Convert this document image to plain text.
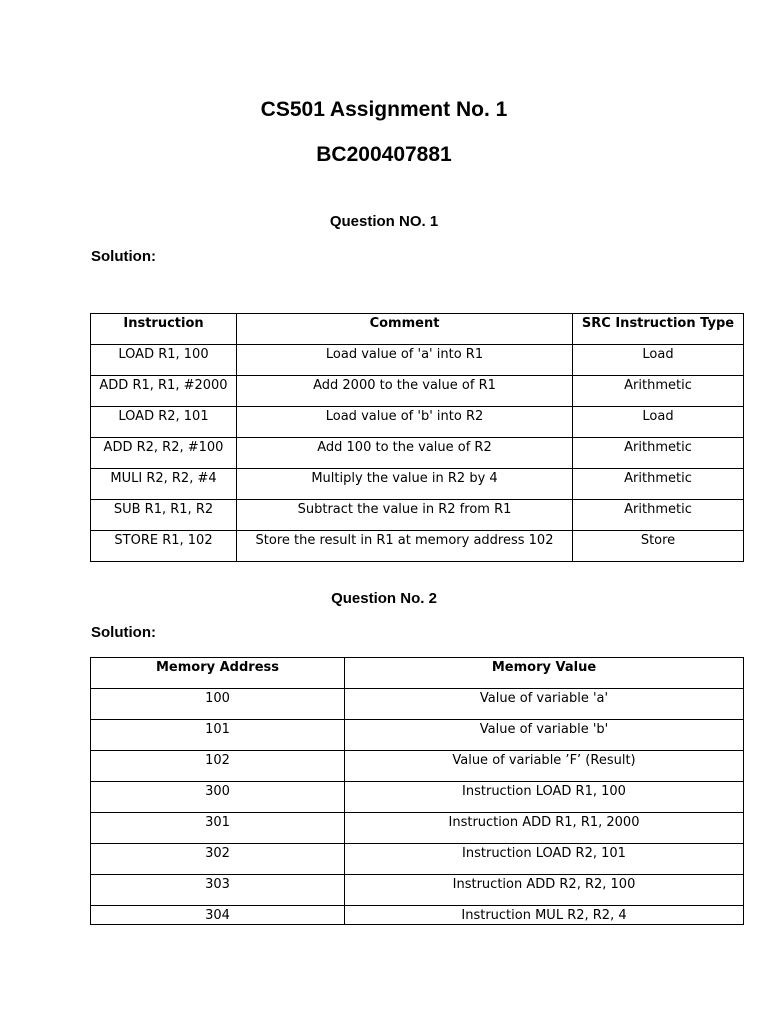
CS501 Assignment No. 1
BC200407881
Question NO. 1
Solution:
Instruction	Comment	SRC Instruction Type
LOAD R1, 100	Load value of 'a' into R1	Load
ADD R1, R1, #2000	Add 2000 to the value of R1	Arithmetic
LOAD R2, 101	Load value of 'b' into R2	Load
ADD R2, R2, #100	Add 100 to the value of R2	Arithmetic
MULI R2, R2, #4	Multiply the value in R2 by 4	Arithmetic
SUB R1, R1, R2	Subtract the value in R2 from R1	Arithmetic
STORE R1, 102	Store the result in R1 at memory address 102	Store
Question No. 2
Solution:
Memory Address	Memory Value
100	Value of variable 'a'
101	Value of variable 'b'
102	Value of variable ’F’ (Result)
300	Instruction LOAD R1, 100
301	Instruction ADD R1, R1, 2000
302	Instruction LOAD R2, 101
303	Instruction ADD R2, R2, 100
304	Instruction MUL R2, R2, 4
